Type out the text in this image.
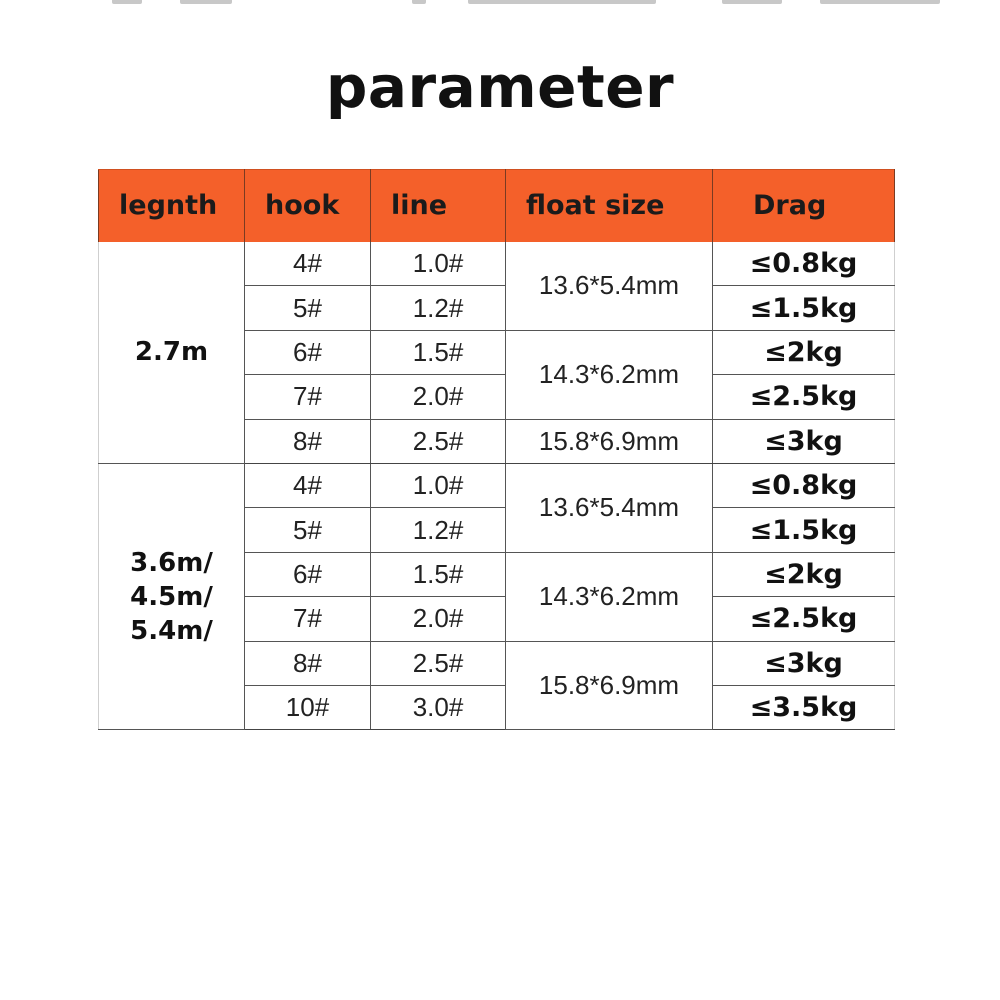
parameter
legnth	hook	line	float size	Drag
2.7m	4#	1.0#	13.6*5.4mm	≤0.8kg
	5#	1.2#		≤1.5kg
	6#	1.5#	14.3*6.2mm	≤2kg
	7#	2.0#		≤2.5kg
	8#	2.5#	15.8*6.9mm	≤3kg

3.6m/
4.5m/
5.4m/	4#	1.0#	13.6*5.4mm	≤0.8kg
	5#	1.2#		≤1.5kg
	6#	1.5#	14.3*6.2mm	≤2kg
	7#	2.0#		≤2.5kg
	8#	2.5#	15.8*6.9mm	≤3kg
	10#	3.0#		≤3.5kg
